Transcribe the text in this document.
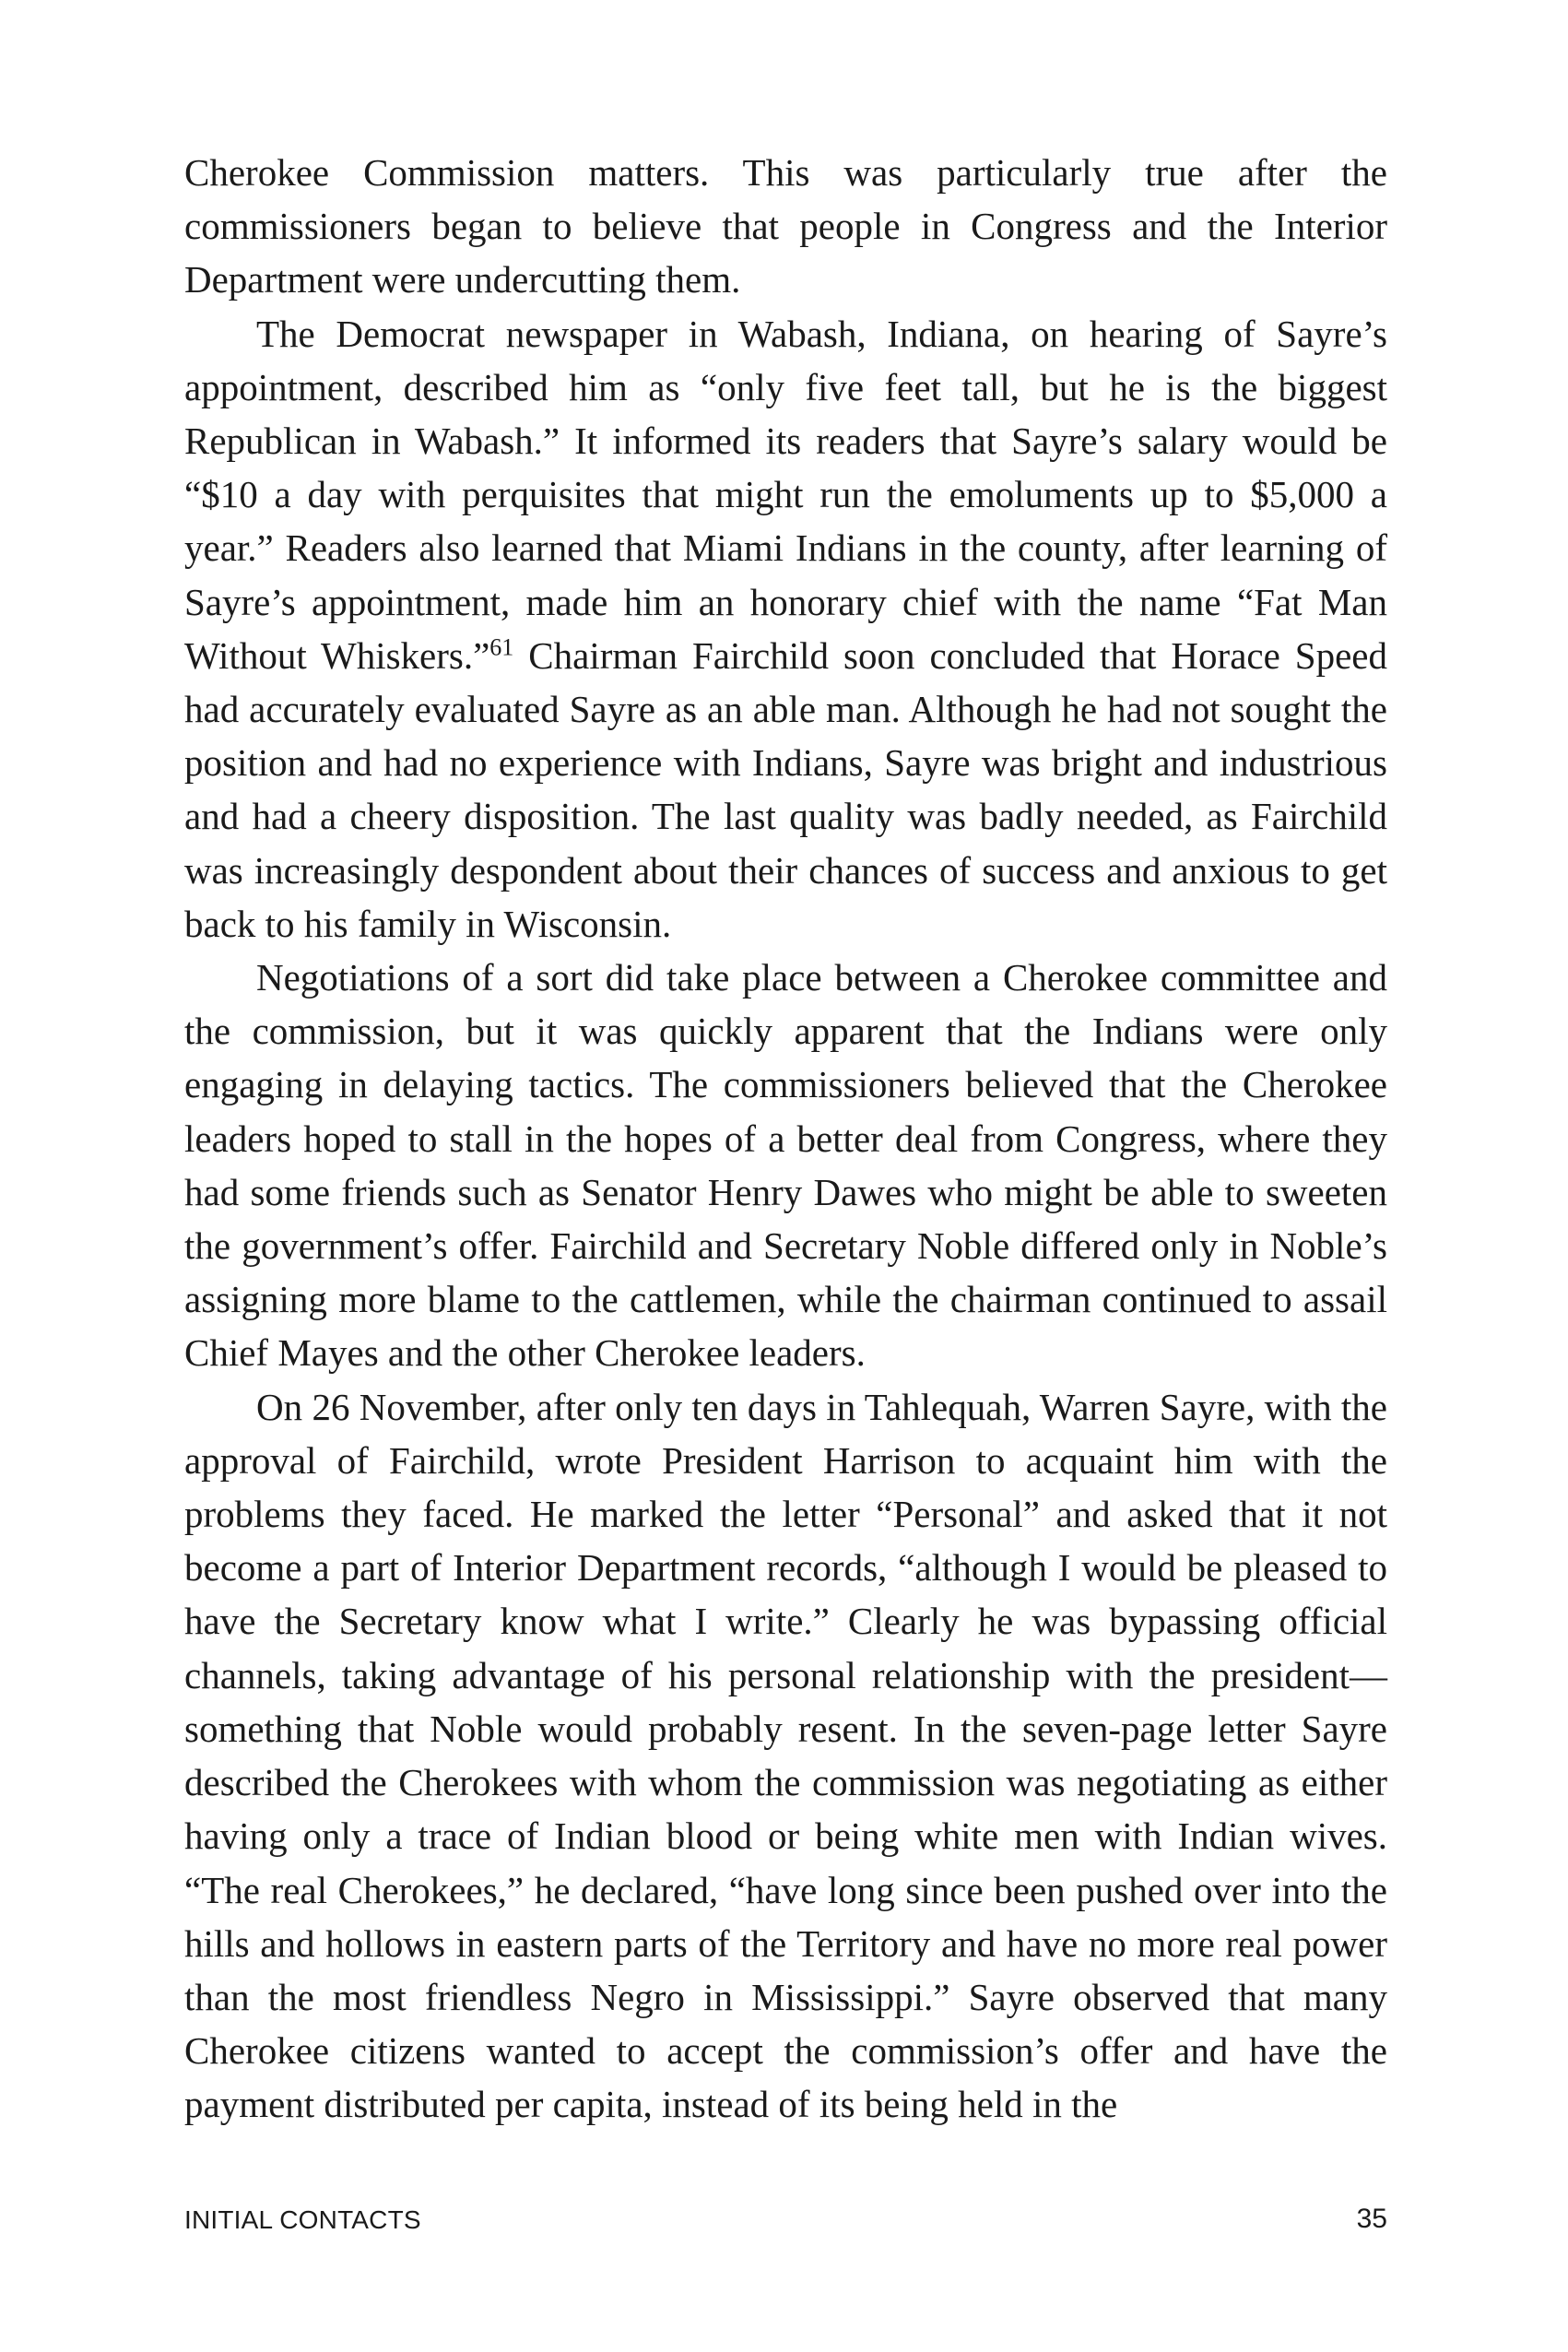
Cherokee Commission matters. This was particularly true after the commissioners began to believe that people in Congress and the Interior Department were undercutting them.

The Democrat newspaper in Wabash, Indiana, on hearing of Sayre’s appointment, described him as “only five feet tall, but he is the biggest Republican in Wabash.” It informed its readers that Sayre’s salary would be “$10 a day with perquisites that might run the emoluments up to $5,000 a year.” Readers also learned that Miami Indians in the county, after learning of Sayre’s appointment, made him an honorary chief with the name “Fat Man Without Whiskers.”$^{61}$ Chairman Fairchild soon concluded that Horace Speed had accurately evaluated Sayre as an able man. Although he had not sought the position and had no experience with Indians, Sayre was bright and industrious and had a cheery disposition. The last quality was badly needed, as Fairchild was increasingly despondent about their chances of success and anxious to get back to his family in Wisconsin.

Negotiations of a sort did take place between a Cherokee committee and the commission, but it was quickly apparent that the Indians were only engaging in delaying tactics. The commissioners believed that the Cherokee leaders hoped to stall in the hopes of a better deal from Congress, where they had some friends such as Senator Henry Dawes who might be able to sweeten the government’s offer. Fairchild and Secretary Noble differed only in Noble’s assigning more blame to the cattlemen, while the chairman continued to assail Chief Mayes and the other Cherokee leaders.

On 26 November, after only ten days in Tahlequah, Warren Sayre, with the approval of Fairchild, wrote President Harrison to acquaint him with the problems they faced. He marked the letter “Personal” and asked that it not become a part of Interior Department records, “although I would be pleased to have the Secretary know what I write.” Clearly he was bypassing official channels, taking advantage of his personal relationship with the president—something that Noble would probably resent. In the seven-page letter Sayre described the Cherokees with whom the commission was negotiating as either having only a trace of Indian blood or being white men with Indian wives. “The real Cherokees,” he declared, “have long since been pushed over into the hills and hollows in eastern parts of the Territory and have no more real power than the most friendless Negro in Mississippi.” Sayre observed that many Cherokee citizens wanted to accept the commission’s offer and have the payment distributed per capita, instead of its being held in the

INITIAL CONTACTS	35
